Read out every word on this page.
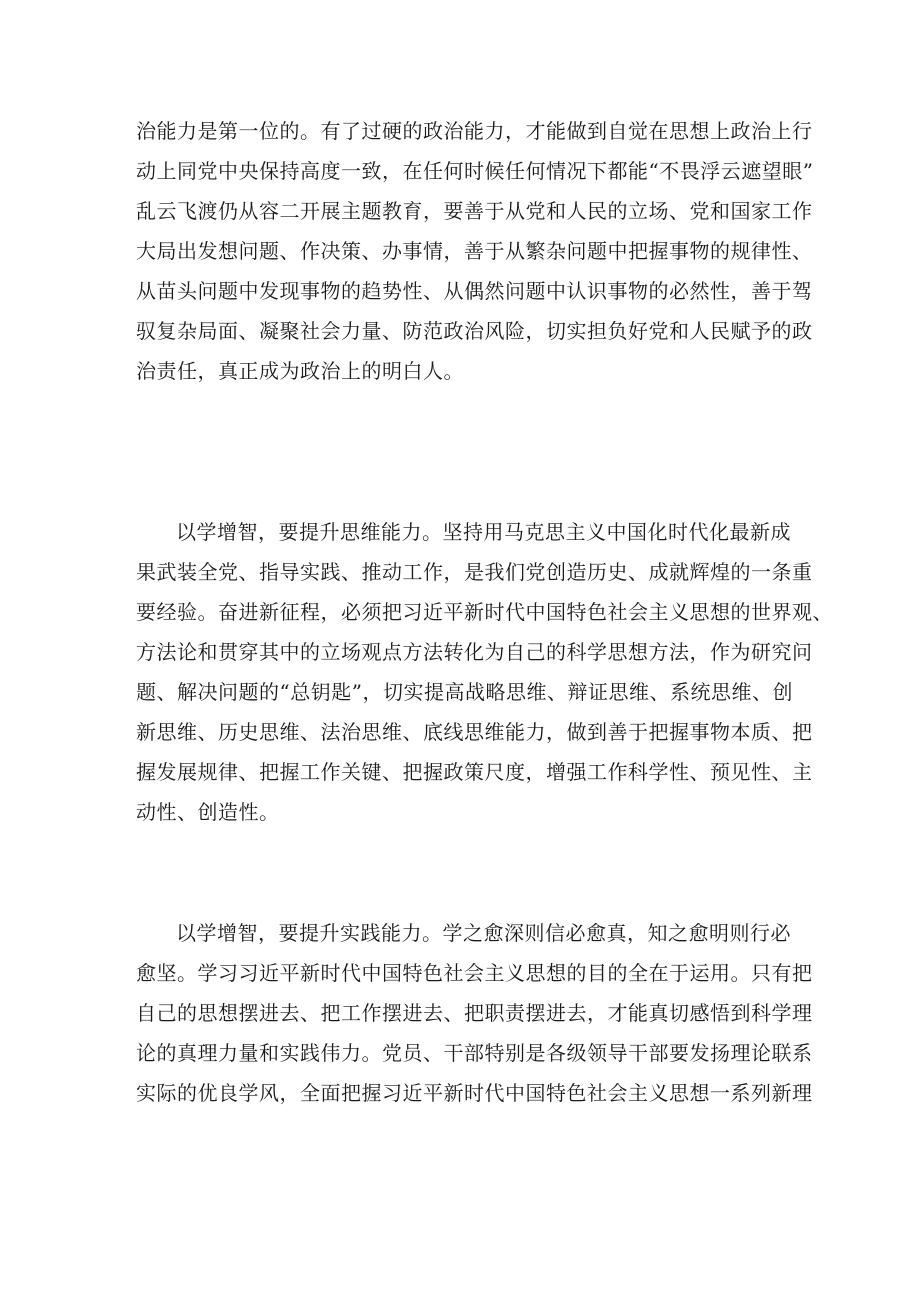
治能力是第一位的。有了过硬的政治能力，才能做到自觉在思想上政治上行
动上同党中央保持高度一致，在任何时候任何情况下都能“不畏浮云遮望眼”
乱云飞渡仍从容二开展主题教育，要善于从党和人民的立场、党和国家工作
大局出发想问题、作决策、办事情，善于从繁杂问题中把握事物的规律性、
从苗头问题中发现事物的趋势性、从偶然问题中认识事物的必然性，善于驾
驭复杂局面、凝聚社会力量、防范政治风险，切实担负好党和人民赋予的政
治责任，真正成为政治上的明白人。
以学增智，要提升思维能力。坚持用马克思主义中国化时代化最新成
果武装全党、指导实践、推动工作，是我们党创造历史、成就辉煌的一条重
要经验。奋进新征程，必须把习近平新时代中国特色社会主义思想的世界观、
方法论和贯穿其中的立场观点方法转化为自己的科学思想方法，作为研究问
题、解决问题的“总钥匙”，切实提高战略思维、辩证思维、系统思维、创
新思维、历史思维、法治思维、底线思维能力，做到善于把握事物本质、把
握发展规律、把握工作关键、把握政策尺度，增强工作科学性、预见性、主
动性、创造性。
以学增智，要提升实践能力。学之愈深则信必愈真，知之愈明则行必
愈坚。学习习近平新时代中国特色社会主义思想的目的全在于运用。只有把
自己的思想摆进去、把工作摆进去、把职责摆进去，才能真切感悟到科学理
论的真理力量和实践伟力。党员、干部特别是各级领导干部要发扬理论联系
实际的优良学风，全面把握习近平新时代中国特色社会主义思想一系列新理
